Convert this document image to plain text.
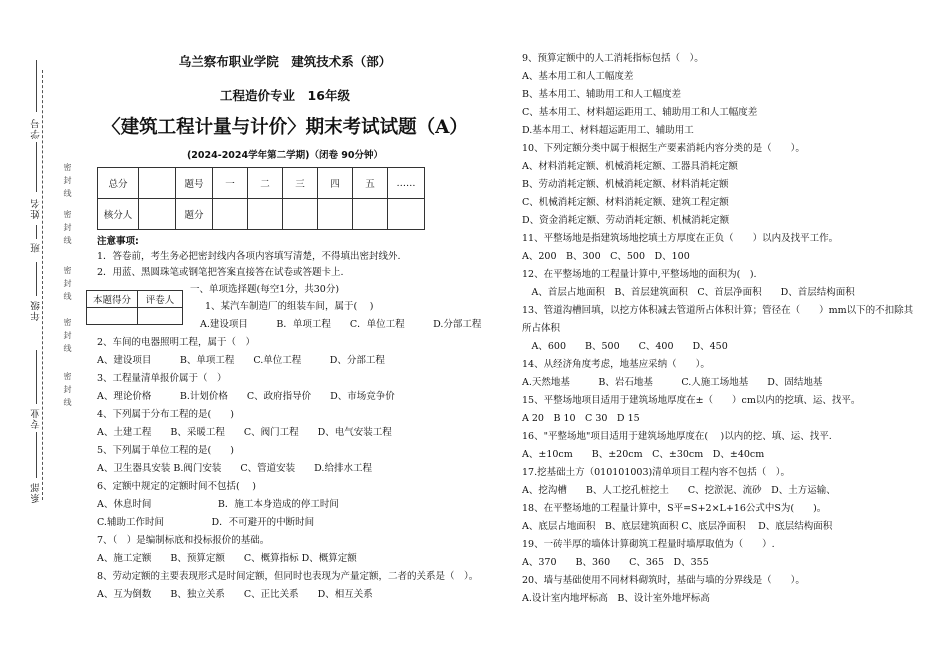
学号
姓名
班
年级
专业
系部
密
封
线
密
封
线
密
封
线
密
封
线
密
封
线
乌兰察布职业学院　建筑技术系（部）
工程造价专业　16年级
〈建筑工程计量与计价〉期末考试试题（A）
(2024-2024学年第二学期)（闭卷 90分钟）
总分		题号	一	二	三	四	五	……
核分人		题分						
注意事项:
1．答卷前，考生务必把密封线内各项内容填写清楚，不得填出密封线外.
2．用蓝、黑圆珠笔或钢笔把答案直接答在试卷或答题卡上.
一、单项选择题(每空1分，共30分)
本题得分	评卷人

1、某汽车制造厂的组装车间，属于(　 )
A.建设项目　　　B．单项工程　　C．单位工程　　　D.分部工程
2、车间的电器照明工程，属于（　）
A、建设项目　　　B、单项工程　　C.单位工程　　　D、分部工程
3、工程量清单报价属于（　）
A、理论价格　　　B.计划价格　　C、政府指导价　　D、市场竞争价
4、下列属于分布工程的是(　　)
A、土建工程　　B、采暖工程　　C、阀门工程　　D、电气安装工程
5、下列属于单位工程的是(　　)
A、卫生器具安装 B.阀门安装　　C、管道安装　　D.给排水工程
6、定额中规定的定额时间不包括(　 )
A、休息时间　　　　　　　B．施工本身造成的停工时间
C.辅助工作时间　　　　　D．不可避开的中断时间
7、（　）是编制标底和投标报价的基础。
A、施工定额　　B、预算定额　　C、概算指标 D、概算定额
8、劳动定额的主要表现形式是时间定额，但同时也表现为产量定额，二者的关系是（　）。
A、互为倒数　　B、独立关系　　C、正比关系　　D、相互关系
9、预算定额中的人工消耗指标包括（　）。
A、基本用工和人工幅度差
B、基本用工、辅助用工和人工幅度差
C、基本用工、材料超运距用工、辅助用工和人工幅度差
D.基本用工、材料超运距用工、辅助用工
10、下列定额分类中属于根据生产要素消耗内容分类的是（　　）。
A、材料消耗定额、机械消耗定额、工器具消耗定额
B、劳动消耗定额、机械消耗定额、材料消耗定额
C、机械消耗定额、材料消耗定额、建筑工程定额
D、资金消耗定额、劳动消耗定额、机械消耗定额
11、平整场地是指建筑场地挖填土方厚度在正负（　　）以内及找平工作。
A、200　B、300　C、500　D、100
12、在平整场地的工程量计算中,平整场地的面积为(　).
　A、首层占地面积　B、首层建筑面积　C、首层净面积　　D、首层结构面积
13、管道沟槽回填，以挖方体积减去管道所占体积计算；管径在（　　）mm以下的不扣除其
所占体积
　A、600　　B、500　　C、400　　D、450
14、从经济角度考虑，地基应采纳（　　）。
A.天然地基　　　B、岩石地基　　　C.人施工场地基　　D、固结地基
15、平整场地项目适用于建筑场地厚度在±（　　）cm以内的挖填、运、找平。
A 20　B 10　C 30　D 15
16、"平整场地"项目适用于建筑场地厚度在(　 )以内的挖、填、运、找平.
A、±10cm　　B、±20cm　C、±30cm　D、±40cm
17.挖基础土方（010101003)清单项目工程内容不包括（　）。
A、挖沟槽　　B、人工挖孔桩挖土　　C、挖淤泥、流砂　D、土方运输、
18、在平整场地的工程量计算中，S平=S+2×L+16公式中S为(　　)。
A、底层占地面积　B、底层建筑面积 C、底层净面积　 D、底层结构面积
19、一砖半厚的墙体计算砌筑工程量时墙厚取值为（　　）.
A、370　　B、360　　C、365　D、355
20、墙与基础使用不同材料砌筑时，基础与墙的分界线是（　　）。
A.设计室内地坪标高　B、设计室外地坪标高
